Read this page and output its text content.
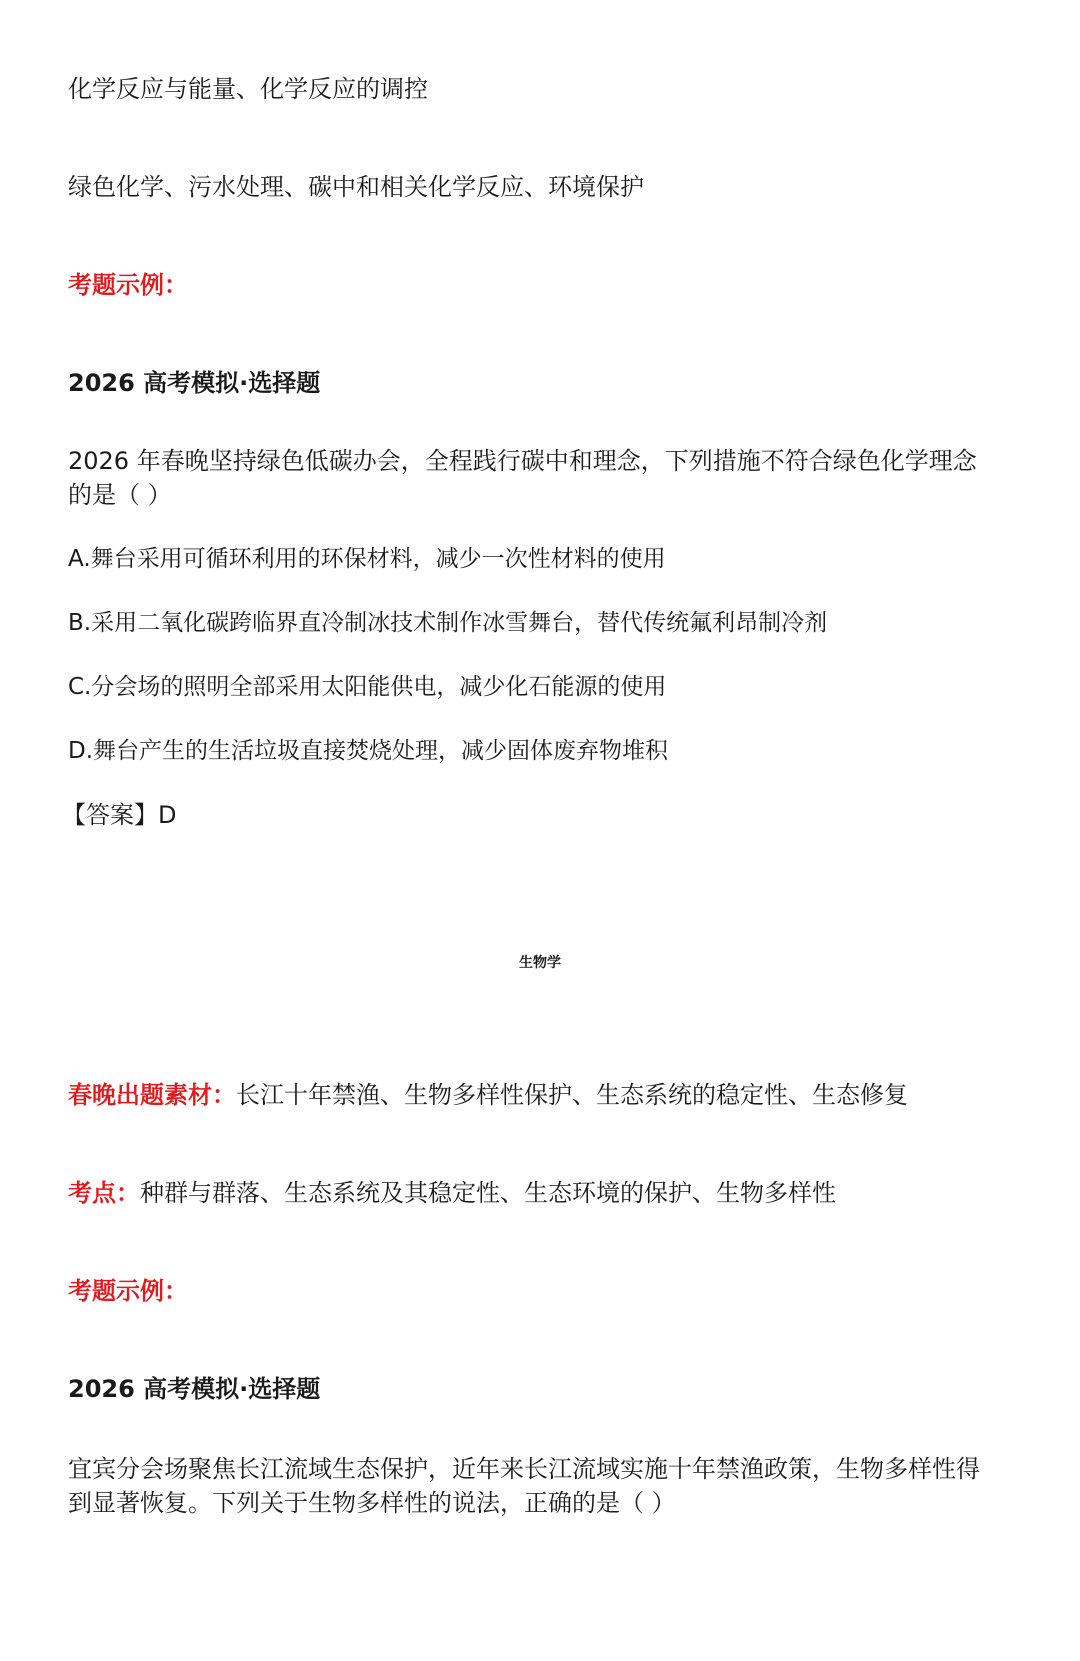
化学反应与能量、化学反应的调控
绿色化学、污水处理、碳中和相关化学反应、环境保护
考题示例：
2026 高考模拟·选择题
2026 年春晚坚持绿色低碳办会，全程践行碳中和理念，下列措施不符合绿色化学理念
的是（ ）
A.舞台采用可循环利用的环保材料，减少一次性材料的使用
B.采用二氧化碳跨临界直冷制冰技术制作冰雪舞台，替代传统氟利昂制冷剂
C.分会场的照明全部采用太阳能供电，减少化石能源的使用
D.舞台产生的生活垃圾直接焚烧处理，减少固体废弃物堆积
【答案】D
生物学
春晚出题素材：长江十年禁渔、生物多样性保护、生态系统的稳定性、生态修复
考点：种群与群落、生态系统及其稳定性、生态环境的保护、生物多样性
考题示例：
2026 高考模拟·选择题
宜宾分会场聚焦长江流域生态保护，近年来长江流域实施十年禁渔政策，生物多样性得
到显著恢复。下列关于生物多样性的说法，正确的是（ ）
